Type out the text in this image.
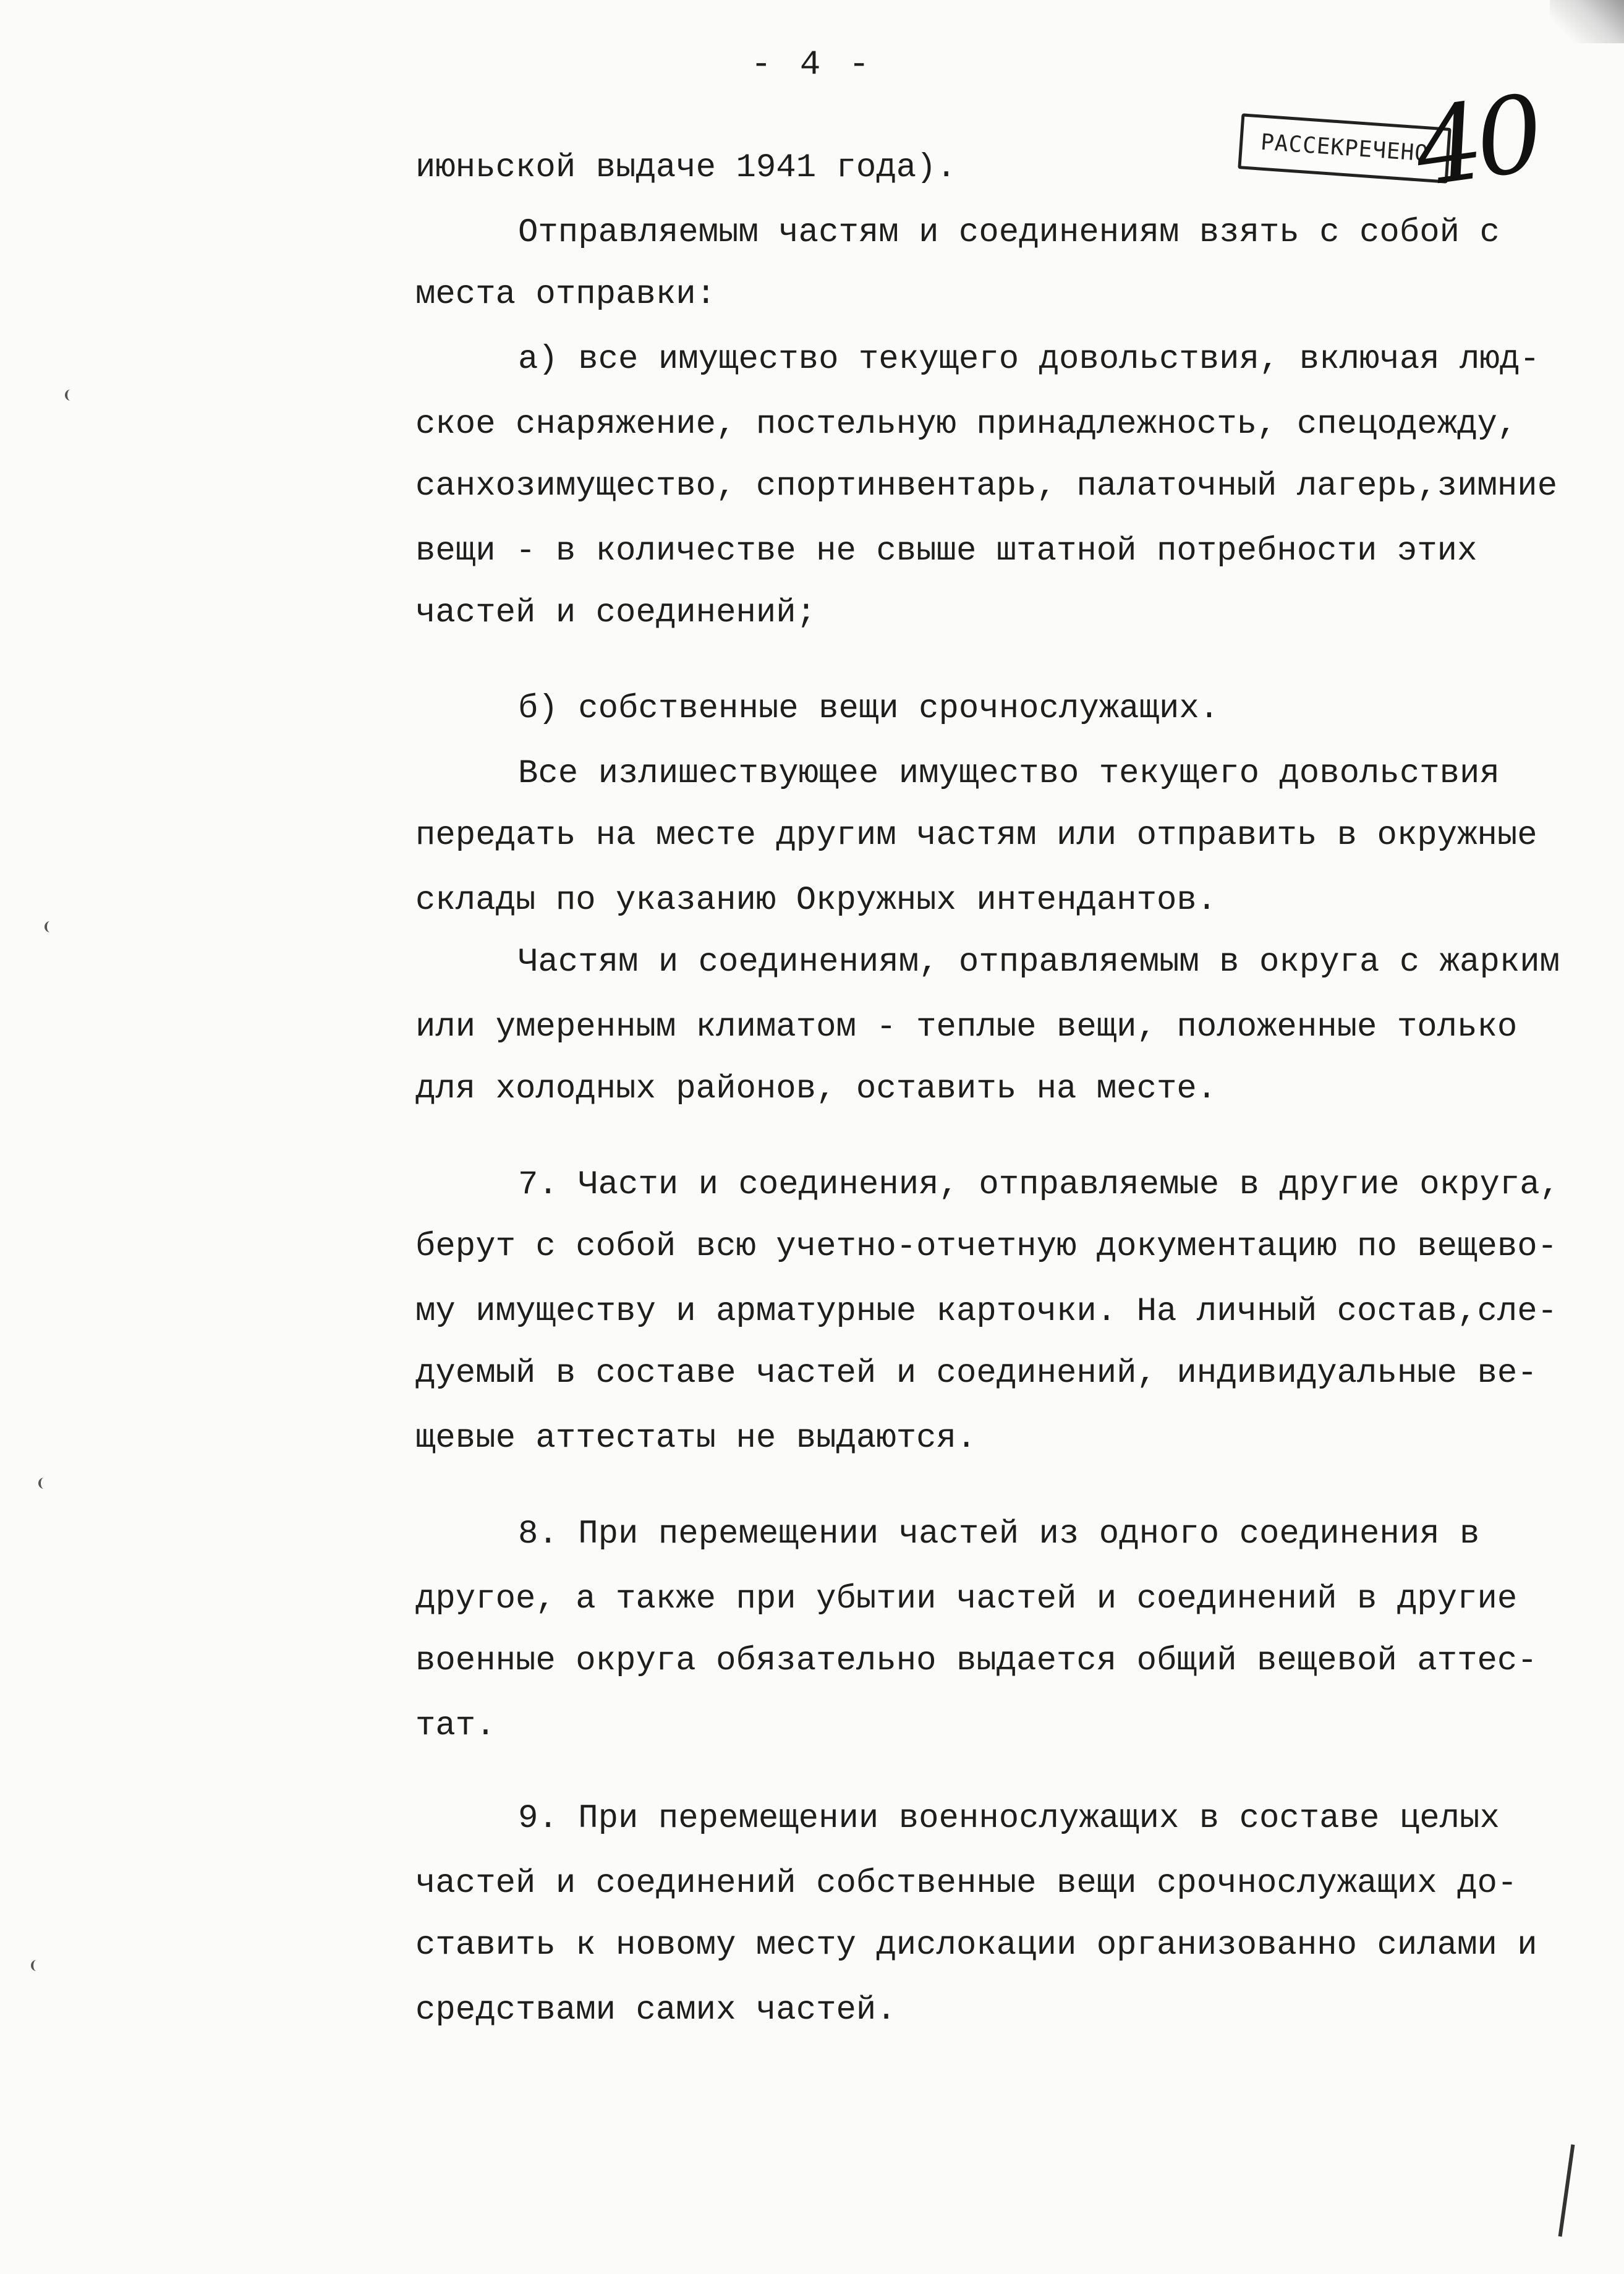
- 4 -
РАССЕКРЕЧЕНО
40
июньской выдаче 1941 года).
Отправляемым частям и соединениям взять с собой с
места отправки:
а) все имущество текущего довольствия, включая люд-
ское снаряжение, постельную принадлежность, спецодежду,
санхозимущество, спортинвентарь, палаточный лагерь,зимние
вещи - в количестве не свыше штатной потребности этих
частей и соединений;
б) собственные вещи срочнослужащих.
Все излишествующее имущество текущего довольствия
передать на месте другим частям или отправить в окружные
склады по указанию Окружных интендантов.
Частям и соединениям, отправляемым в округа с жарким
или умеренным климатом - теплые вещи, положенные только
для холодных районов, оставить на месте.
7. Части и соединения, отправляемые в другие округа,
берут с собой всю учетно-отчетную документацию по вещево-
му имуществу и арматурные карточки. На личный состав,сле-
дуемый в составе частей и соединений, индивидуальные ве-
щевые аттестаты не выдаются.
8. При перемещении частей из одного соединения в
другое, а также при убытии частей и соединений в другие
военные округа обязательно выдается общий вещевой аттес-
тат.
9. При перемещении военнослужащих в составе целых
частей и соединений собственные вещи срочнослужащих до-
ставить к новому месту дислокации организованно силами и
средствами самих частей.
